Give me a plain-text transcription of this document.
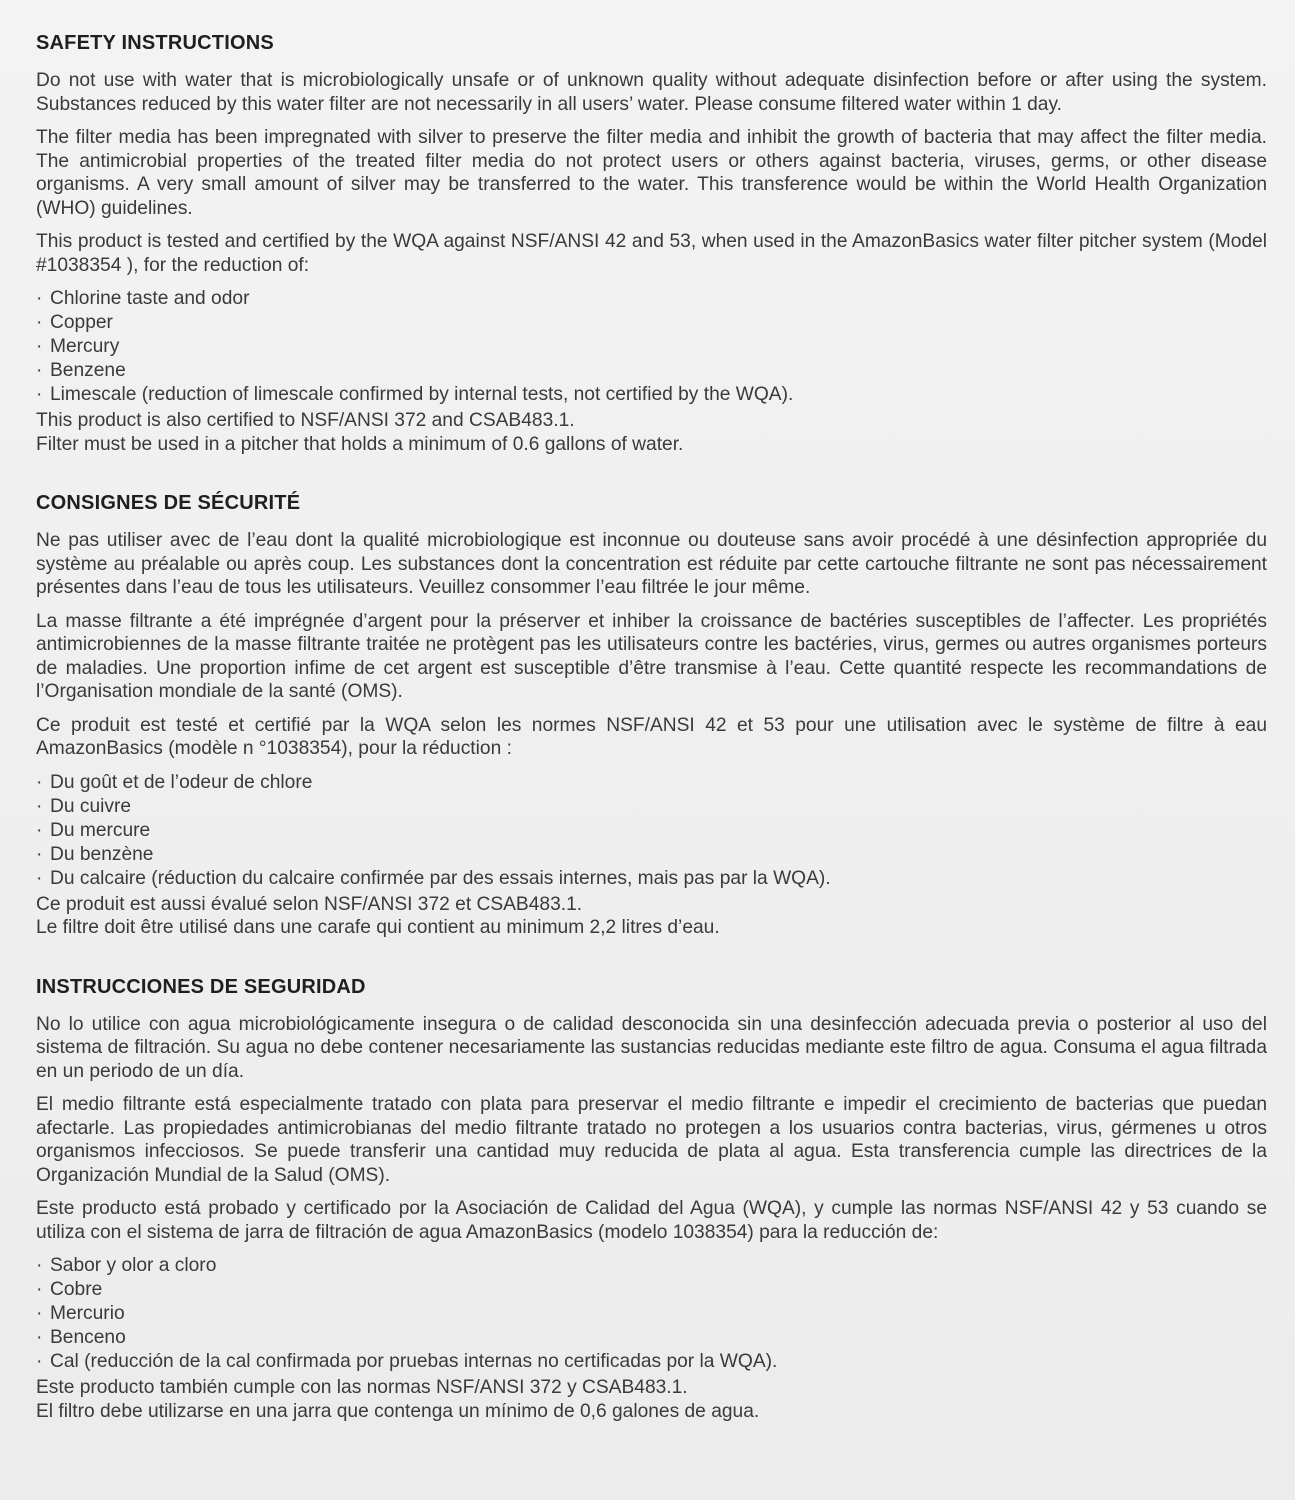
SAFETY INSTRUCTIONS

Do not use with water that is microbiologically unsafe or of unknown quality without adequate disinfection before or after using the system. Substances reduced by this water filter are not necessarily in all users’ water. Please consume filtered water within 1 day.

The filter media has been impregnated with silver to preserve the filter media and inhibit the growth of bacteria that may affect the filter media. The antimicrobial properties of the treated filter media do not protect users or others against bacteria, viruses, germs, or other disease organisms. A very small amount of silver may be transferred to the water. This transference would be within the World Health Organization (WHO) guidelines.

This product is tested and certified by the WQA against NSF/ANSI 42 and 53, when used in the AmazonBasics water filter pitcher system (Model #1038354 ), for the reduction of:

· Chlorine taste and odor
· Copper
· Mercury
· Benzene
· Limescale (reduction of limescale confirmed by internal tests, not certified by the WQA).

This product is also certified to NSF/ANSI 372 and CSAB483.1.

Filter must be used in a pitcher that holds a minimum of 0.6 gallons of water.

CONSIGNES DE SÉCURITÉ

Ne pas utiliser avec de l’eau dont la qualité microbiologique est inconnue ou douteuse sans avoir procédé à une désinfection appropriée du système au préalable ou après coup. Les substances dont la concentration est réduite par cette cartouche filtrante ne sont pas nécessairement présentes dans l’eau de tous les utilisateurs. Veuillez consommer l’eau filtrée le jour même.

La masse filtrante a été imprégnée d’argent pour la préserver et inhiber la croissance de bactéries susceptibles de l’affecter. Les propriétés antimicrobiennes de la masse filtrante traitée ne protègent pas les utilisateurs contre les bactéries, virus, germes ou autres organismes porteurs de maladies. Une proportion infime de cet argent est susceptible d’être transmise à l’eau. Cette quantité respecte les recommandations de l’Organisation mondiale de la santé (OMS).

Ce produit est testé et certifié par la WQA selon les normes NSF/ANSI 42 et 53 pour une utilisation avec le système de filtre à eau AmazonBasics (modèle n °1038354), pour la réduction :

· Du goût et de l’odeur de chlore
· Du cuivre
· Du mercure
· Du benzène
· Du calcaire (réduction du calcaire confirmée par des essais internes, mais pas par la WQA).

Ce produit est aussi évalué selon NSF/ANSI 372 et CSAB483.1.

Le filtre doit être utilisé dans une carafe qui contient au minimum 2,2 litres d’eau.

INSTRUCCIONES DE SEGURIDAD

No lo utilice con agua microbiológicamente insegura o de calidad desconocida sin una desinfección adecuada previa o posterior al uso del sistema de filtración. Su agua no debe contener necesariamente las sustancias reducidas mediante este filtro de agua. Consuma el agua filtrada en un periodo de un día.

El medio filtrante está especialmente tratado con plata para preservar el medio filtrante e impedir el crecimiento de bacterias que puedan afectarle. Las propiedades antimicrobianas del medio filtrante tratado no protegen a los usuarios contra bacterias, virus, gérmenes u otros organismos infecciosos. Se puede transferir una cantidad muy reducida de plata al agua. Esta transferencia cumple las directrices de la Organización Mundial de la Salud (OMS).

Este producto está probado y certificado por la Asociación de Calidad del Agua (WQA), y cumple las normas NSF/ANSI 42 y 53 cuando se utiliza con el sistema de jarra de filtración de agua AmazonBasics (modelo 1038354) para la reducción de:

· Sabor y olor a cloro
· Cobre
· Mercurio
· Benceno
· Cal (reducción de la cal confirmada por pruebas internas no certificadas por la WQA).

Este producto también cumple con las normas NSF/ANSI 372 y CSAB483.1.

El filtro debe utilizarse en una jarra que contenga un mínimo de 0,6 galones de agua.
